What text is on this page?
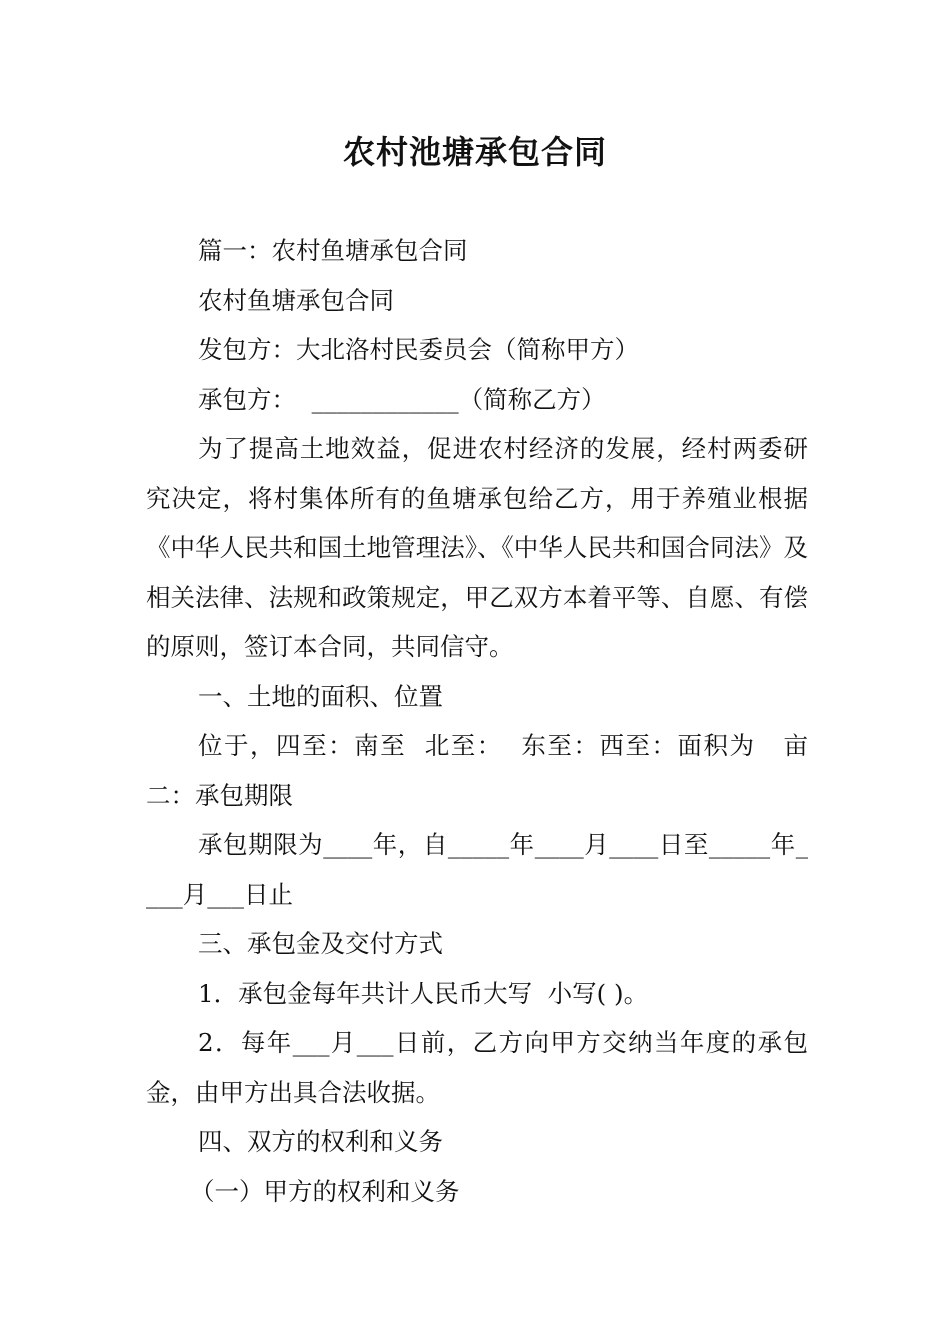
农村池塘承包合同

篇一：农村鱼塘承包合同

农村鱼塘承包合同

发包方：大北洛村民委员会（简称甲方）

承包方：  ____________（简称乙方）

为了提高土地效益，促进农村经济的发展，经村两委研究决定，将村集体所有的鱼塘承包给乙方，用于养殖业根据《中华人民共和国土地管理法》、《中华人民共和国合同法》及相关法律、法规和政策规定，甲乙双方本着平等、自愿、有偿的原则，签订本合同，共同信守。

一、土地的面积、位置

位于，四至：南至  北至：  东至：西至：面积为   亩二：承包期限

承包期限为____年，自_____年____月____日至_____年____月___日止

三、承包金及交付方式

1．承包金每年共计人民币大写  小写( )。

2．每年___月___日前，乙方向甲方交纳当年度的承包金，由甲方出具合法收据。

四、双方的权利和义务

（一）甲方的权利和义务
